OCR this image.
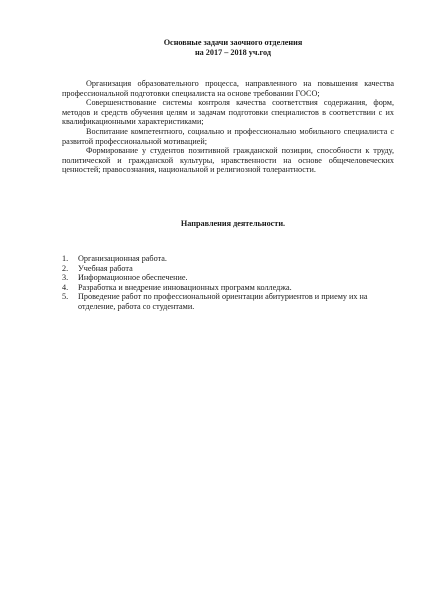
Основные задачи заочного отделения
на 2017 – 2018 уч.год

Организация образовательного процесса, направленного на повышения качества профессиональной подготовки специалиста на основе требовании ГОСО;

Совершенствование системы контроля качества соответствия содержания, форм, методов и средств обучения целям и задачам подготовки специалистов в соответствии с их квалификационными характеристиками;

Воспитание компетентного, социально и профессионально мобильного специалиста с развитой профессиональной мотивацией;

Формирование у студентов позитивной гражданской позиции, способности к труду, политической и гражданской культуры, нравственности на основе общечеловеческих ценностей; правосознания, национальной и религиозной толерантности.

Направления деятельности.
1.	Организационная работа.
2.	Учебная работа
3.	Информационное обеспечение.
4.	Разработка и внедрение инновационных программ колледжа.
5.	Проведение работ по профессиональной ориентации абитуриентов и приему их на отделение, работа со студентами.
